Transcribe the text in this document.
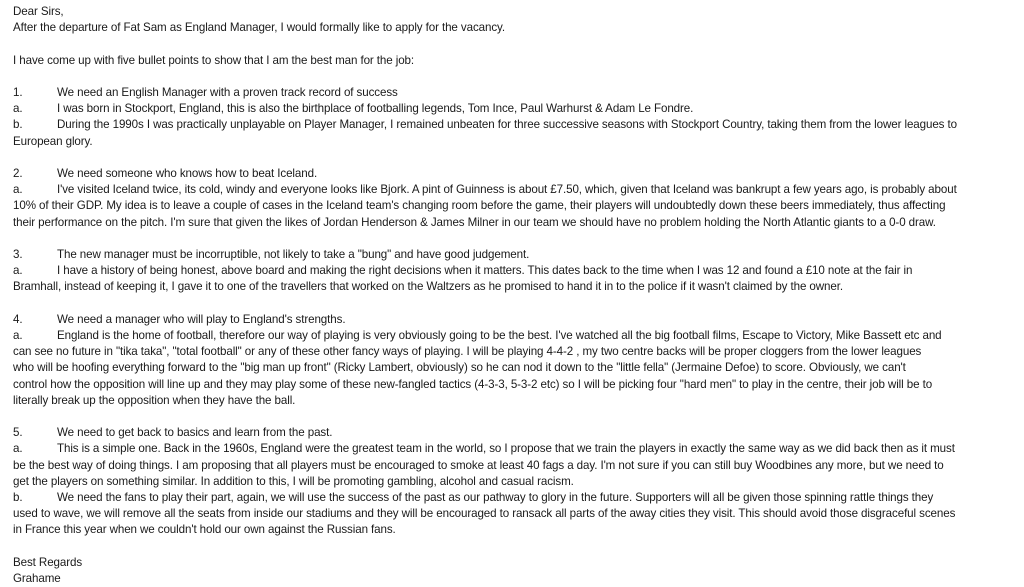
Dear Sirs,
After the departure of Fat Sam as England Manager, I would formally like to apply for the vacancy.
I have come up with five bullet points to show that I am the best man for the job:
1.	We need an English Manager with a proven track record of success
a.	I was born in Stockport, England, this is also the birthplace of footballing legends, Tom Ince, Paul Warhurst & Adam Le Fondre.
b.	During the 1990s I was practically unplayable on Player Manager, I remained unbeaten for three successive seasons with Stockport Country, taking them from the lower leagues to
European glory.
2.	We need someone who knows how to beat Iceland.
a.	I've visited Iceland twice, its cold, windy and everyone looks like Bjork. A pint of Guinness is about £7.50, which, given that Iceland was bankrupt a few years ago, is probably about
10% of their GDP. My idea is to leave a couple of cases in the Iceland team's changing room before the game, their players will undoubtedly down these beers immediately, thus affecting
their performance on the pitch. I'm sure that given the likes of Jordan Henderson & James Milner in our team we should have no problem holding the North Atlantic giants to a 0-0 draw.
3.	The new manager must be incorruptible, not likely to take a "bung" and have good judgement.
a.	I have a history of being honest, above board and making the right decisions when it matters. This dates back to the time when I was 12 and found a £10 note at the fair in
Bramhall, instead of keeping it, I gave it to one of the travellers that worked on the Waltzers as he promised to hand it in to the police if it wasn't claimed by the owner.
4.	We need a manager who will play to England's strengths.
a.	England is the home of football, therefore our way of playing is very obviously going to be the best. I've watched all the big football films, Escape to Victory, Mike Bassett etc and
can see no future in "tika taka", "total football" or any of these other fancy ways of playing. I will be playing 4-4-2 , my two centre backs will be proper cloggers from the lower leagues
who will be hoofing everything forward to the "big man up front" (Ricky Lambert, obviously) so he can nod it down to the "little fella" (Jermaine Defoe) to score. Obviously, we can't
control how the opposition will line up and they may play some of these new-fangled tactics (4-3-3, 5-3-2 etc) so I will be picking four "hard men" to play in the centre, their job will be to
literally break up the opposition when they have the ball.
5.	We need to get back to basics and learn from the past.
a.	This is a simple one. Back in the 1960s, England were the greatest team in the world, so I propose that we train the players in exactly the same way as we did back then as it must
be the best way of doing things. I am proposing that all players must be encouraged to smoke at least 40 fags a day. I'm not sure if you can still buy Woodbines any more, but we need to
get the players on something similar. In addition to this, I will be promoting gambling, alcohol and casual racism.
b.	We need the fans to play their part, again, we will use the success of the past as our pathway to glory in the future. Supporters will all be given those spinning rattle things they
used to wave, we will remove all the seats from inside our stadiums and they will be encouraged to ransack all parts of the away cities they visit. This should avoid those disgraceful scenes
in France this year when we couldn't hold our own against the Russian fans.
Best Regards
Grahame
